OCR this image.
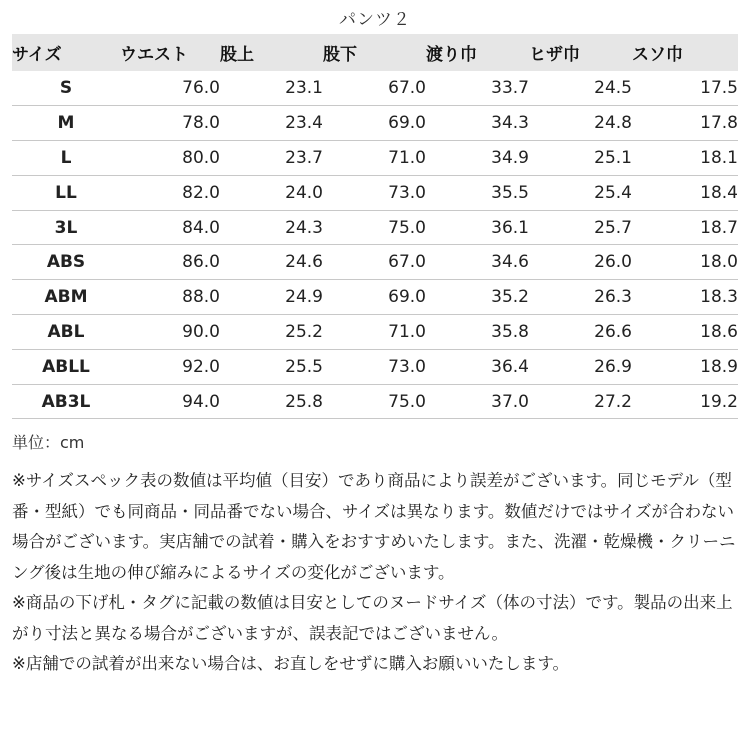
パンツ２
サイズ	ウエスト	股上	股下	渡り巾	ヒザ巾	スソ巾
S	76.0	23.1	67.0	33.7	24.5	17.5
M	78.0	23.4	69.0	34.3	24.8	17.8
L	80.0	23.7	71.0	34.9	25.1	18.1
LL	82.0	24.0	73.0	35.5	25.4	18.4
3L	84.0	24.3	75.0	36.1	25.7	18.7
ABS	86.0	24.6	67.0	34.6	26.0	18.0
ABM	88.0	24.9	69.0	35.2	26.3	18.3
ABL	90.0	25.2	71.0	35.8	26.6	18.6
ABLL	92.0	25.5	73.0	36.4	26.9	18.9
AB3L	94.0	25.8	75.0	37.0	27.2	19.2
単位：cm

※サイズスペック表の数値は平均値（目安）であり商品により誤差がございます。同じモデル（型番・型紙）でも同商品・同品番でない場合、サイズは異なります。数値だけではサイズが合わない場合がございます。実店舗での試着・購入をおすすめいたします。また、洗濯・乾燥機・クリーニング後は生地の伸び縮みによるサイズの変化がございます。

※商品の下げ札・タグに記載の数値は目安としてのヌードサイズ（体の寸法）です。製品の出来上がり寸法と異なる場合がございますが、誤表記ではございません。

※店舗での試着が出来ない場合は、お直しをせずに購入お願いいたします。
